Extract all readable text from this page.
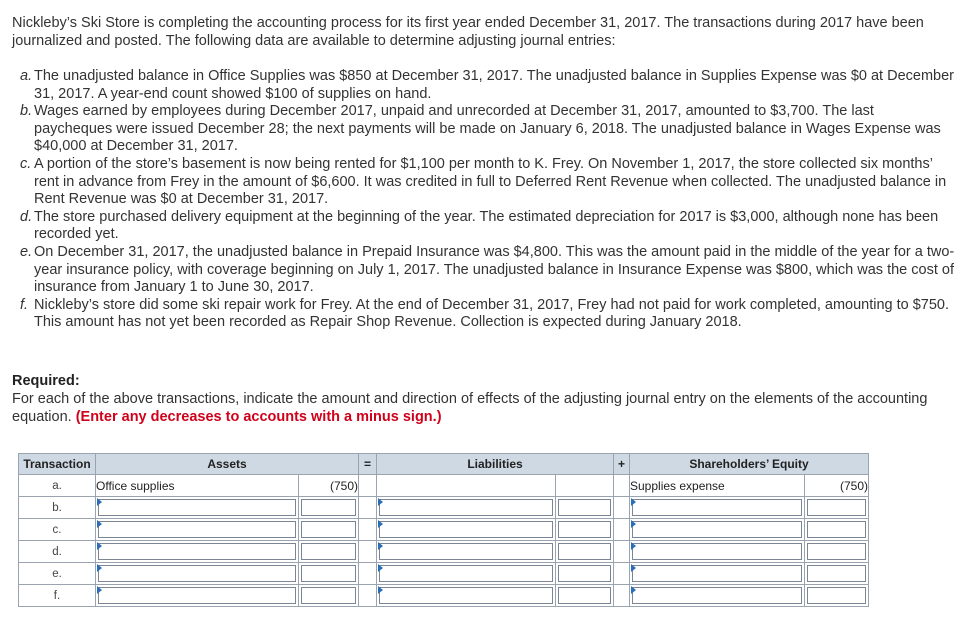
Nickleby’s Ski Store is completing the accounting process for its first year ended December 31, 2017. The transactions during 2017 have been journalized and posted. The following data are available to determine adjusting journal entries:
a. The unadjusted balance in Office Supplies was $850 at December 31, 2017. The unadjusted balance in Supplies Expense was $0 at December 31, 2017. A year-end count showed $100 of supplies on hand.
b. Wages earned by employees during December 2017, unpaid and unrecorded at December 31, 2017, amounted to $3,700. The last paycheques were issued December 28; the next payments will be made on January 6, 2018. The unadjusted balance in Wages Expense was $40,000 at December 31, 2017.
c. A portion of the store’s basement is now being rented for $1,100 per month to K. Frey. On November 1, 2017, the store collected six months’ rent in advance from Frey in the amount of $6,600. It was credited in full to Deferred Rent Revenue when collected. The unadjusted balance in Rent Revenue was $0 at December 31, 2017.
d. The store purchased delivery equipment at the beginning of the year. The estimated depreciation for 2017 is $3,000, although none has been recorded yet.
e. On December 31, 2017, the unadjusted balance in Prepaid Insurance was $4,800. This was the amount paid in the middle of the year for a two-year insurance policy, with coverage beginning on July 1, 2017. The unadjusted balance in Insurance Expense was $800, which was the cost of insurance from January 1 to June 30, 2017.
f. Nickleby’s store did some ski repair work for Frey. At the end of December 31, 2017, Frey had not paid for work completed, amounting to $750. This amount has not yet been recorded as Repair Shop Revenue. Collection is expected during January 2018.
Required:
For each of the above transactions, indicate the amount and direction of effects of the adjusting journal entry on the elements of the accounting equation. (Enter any decreases to accounts with a minus sign.)
Transaction	Assets		=	Liabilities		+	Shareholders’ Equity	
a.	Office supplies	(750)					Supplies expense	(750)
b.	

c.	

d.	

e.	

f.	
